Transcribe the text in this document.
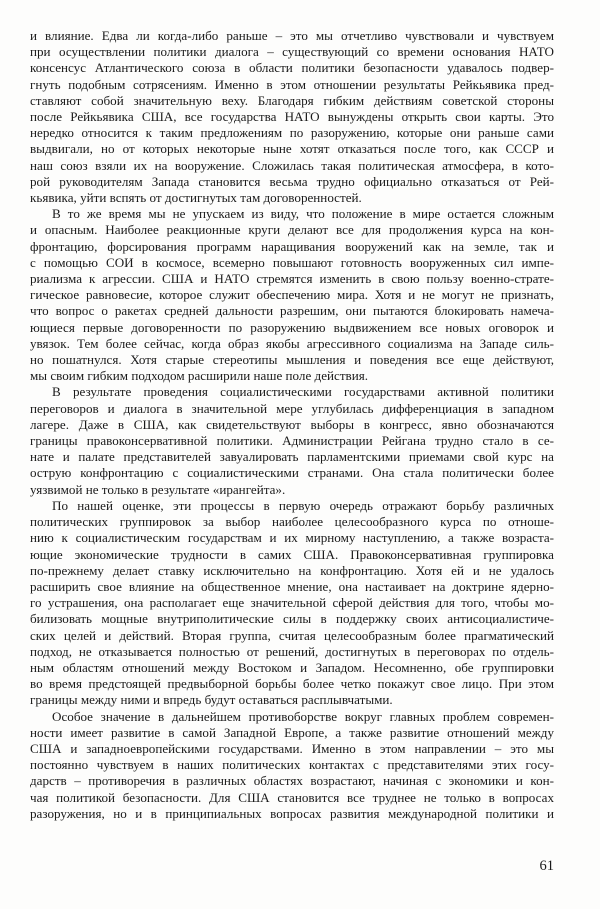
и влияние. Едва ли когда-либо раньше – это мы отчетливо чувствовали и чувствуем
при осуществлении политики диалога – существующий со времени основания НАТО
консенсус Атлантического союза в области политики безопасности удавалось подвер-
гнуть подобным сотрясениям. Именно в этом отношении результаты Рейкьявика пред-
ставляют собой значительную веху. Благодаря гибким действиям советской стороны
после Рейкьявика США, все государства НАТО вынуждены открыть свои карты. Это
нередко относится к таким предложениям по разоружению, которые они раньше сами
выдвигали, но от которых некоторые ныне хотят отказаться после того, как СССР и
наш союз взяли их на вооружение. Сложилась такая политическая атмосфера, в кото-
рой руководителям Запада становится весьма трудно официально отказаться от Рей-
кьявика, уйти вспять от достигнутых там договоренностей.
В то же время мы не упускаем из виду, что положение в мире остается сложным
и опасным. Наиболее реакционные круги делают все для продолжения курса на кон-
фронтацию, форсирования программ наращивания вооружений как на земле, так и
с помощью СОИ в космосе, всемерно повышают готовность вооруженных сил импе-
риализма к агрессии. США и НАТО стремятся изменить в свою пользу военно-страте-
гическое равновесие, которое служит обеспечению мира. Хотя и не могут не признать,
что вопрос о ракетах средней дальности разрешим, они пытаются блокировать намеча-
ющиеся первые договоренности по разоружению выдвижением все новых оговорок и
увязок. Тем более сейчас, когда образ якобы агрессивного социализма на Западе силь-
но пошатнулся. Хотя старые стереотипы мышления и поведения все еще действуют,
мы своим гибким подходом расширили наше поле действия.
В результате проведения социалистическими государствами активной политики
переговоров и диалога в значительной мере углубилась дифференциация в западном
лагере. Даже в США, как свидетельствуют выборы в конгресс, явно обозначаются
границы правоконсервативной политики. Администрации Рейгана трудно стало в се-
нате и палате представителей завуалировать парламентскими приемами свой курс на
острую конфронтацию с социалистическими странами. Она стала политически более
уязвимой не только в результате «ирангейта».
По нашей оценке, эти процессы в первую очередь отражают борьбу различных
политических группировок за выбор наиболее целесообразного курса по отноше-
нию к социалистическим государствам и их мирному наступлению, а также возраста-
ющие экономические трудности в самих США. Правоконсервативная группировка
по-прежнему делает ставку исключительно на конфронтацию. Хотя ей и не удалось
расширить свое влияние на общественное мнение, она настаивает на доктрине ядерно-
го устрашения, она располагает еще значительной сферой действия для того, чтобы мо-
билизовать мощные внутриполитические силы в поддержку своих антисоциалистиче-
ских целей и действий. Вторая группа, считая целесообразным более прагматический
подход, не отказывается полностью от решений, достигнутых в переговорах по отдель-
ным областям отношений между Востоком и Западом. Несомненно, обе группировки
во время предстоящей предвыборной борьбы более четко покажут свое лицо. При этом
границы между ними и впредь будут оставаться расплывчатыми.
Особое значение в дальнейшем противоборстве вокруг главных проблем современ-
ности имеет развитие в самой Западной Европе, а также развитие отношений между
США и западноевропейскими государствами. Именно в этом направлении – это мы
постоянно чувствуем в наших политических контактах с представителями этих госу-
дарств – противоречия в различных областях возрастают, начиная с экономики и кон-
чая политикой безопасности. Для США становится все труднее не только в вопросах
разоружения, но и в принципиальных вопросах развития международной политики и
61
